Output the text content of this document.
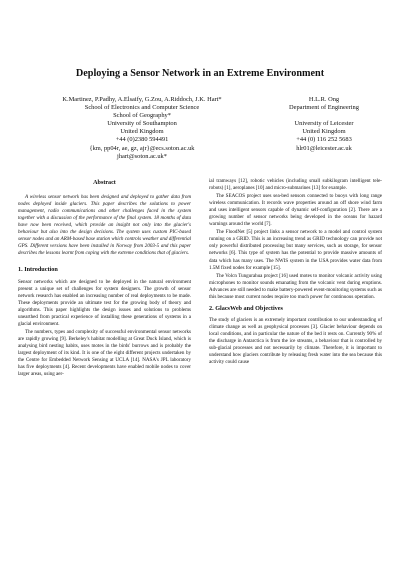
Deploying a Sensor Network in an Extreme Environment
K.Martinez, P.Padhy, A.Elsaify, G.Zou, A.Riddoch, J.K. Hart*
School of Electronics and Computer Science
School of Geography*
University of Southampton
United Kingdom
+44 (0)2380 594491
{km, pp04r, ae, gz, ajr}@ecs.soton.ac.uk
jhart@soton.ac.uk*
H.L.R. Ong
Department of Engineering

University of Leicester
United Kingdom
+44 (0) 116 252 5683
hlr01@leicester.ac.uk
Abstract

A wireless sensor network has been designed and deployed to gather data from nodes deployed inside glaciers. This paper describes the solutions to power management, radio communications and other challenges faced in the system together with a discussion of the performance of the final system. 18 months of data have now been received, which provide an insight not only into the glacier's behaviour but also into the design decisions. The system uses custom PIC-based sensor nodes and an ARM-based base station which controls weather and differential GPS. Different versions have been installed in Norway from 2003-5 and this paper describes the lessons learnt from coping with the extreme conditions that of glaciers.

1. Introduction

Sensor networks which are designed to be deployed in the natural environment present a unique set of challenges for system designers. The growth of sensor network research has enabled an increasing number of real deployments to be made. These deployments provide an ultimate test for the growing body of theory and algorithms. This paper highlights the design issues and solutions to problems unearthed from practical experience of installing these generations of systems in a glacial environment.

The numbers, types and complexity of successful environmental sensor networks are rapidly growing [9]. Berkeley's habitat modelling at Great Duck Island, which is analysing bird nesting habits, uses motes in the birds' burrows and is probably the largest deployment of its kind. It is one of the eight different projects undertaken by the Centre for Embedded Network Sensing at UCLA [14]. NASA's JPL laboratory has five deployments [4]. Recent developments have enabled mobile nodes to cover larger areas, using aer-

ial tramways [12], robotic vehicles (including small subkilogram intelligent tele-robots) [1], aeroplanes [10] and micro-submarines [13] for example.

The SEACOS project uses sea-bed sensors connected to buoys with long range wireless communication. It records wave properties around an off shore wind farm and uses intelligent sensors capable of dynamic self-configuration [2]. There are a growing number of sensor networks being developed in the oceans for hazard warnings around the world [7].

The FloodNet [5] project links a sensor network to a model and control system running on a GRID. This is an increasing trend as GRID technology can provide not only powerful distributed processing but many services, such as storage, for sensor networks [6]. This type of system has the potential to provide massive amounts of data which has many uses. The NWIS system in the USA provides water data from 1.5M fixed nodes for example [15].

The Volcn Tungurahua project [16] used motes to monitor volcanic activity using microphones to monitor sounds emanating from the volcanic vent during eruptions. Advances are still needed to make battery-powered event-monitoring systems such as this because most current nodes require too much power for continuous operation.

2. GlacsWeb and Objectives

The study of glaciers is an extremely important contribution to our understanding of climate change as well as geophysical processes [3]. Glacier behaviour depends on local conditions, and in particular the nature of the bed it rests on. Currently 90% of the discharge in Antarctica is from the ice streams, a behaviour that is controlled by sub-glacial processes and not necessarily by climate. Therefore, it is important to understand how glaciers contribute by releasing fresh water into the sea because this activity could cause
